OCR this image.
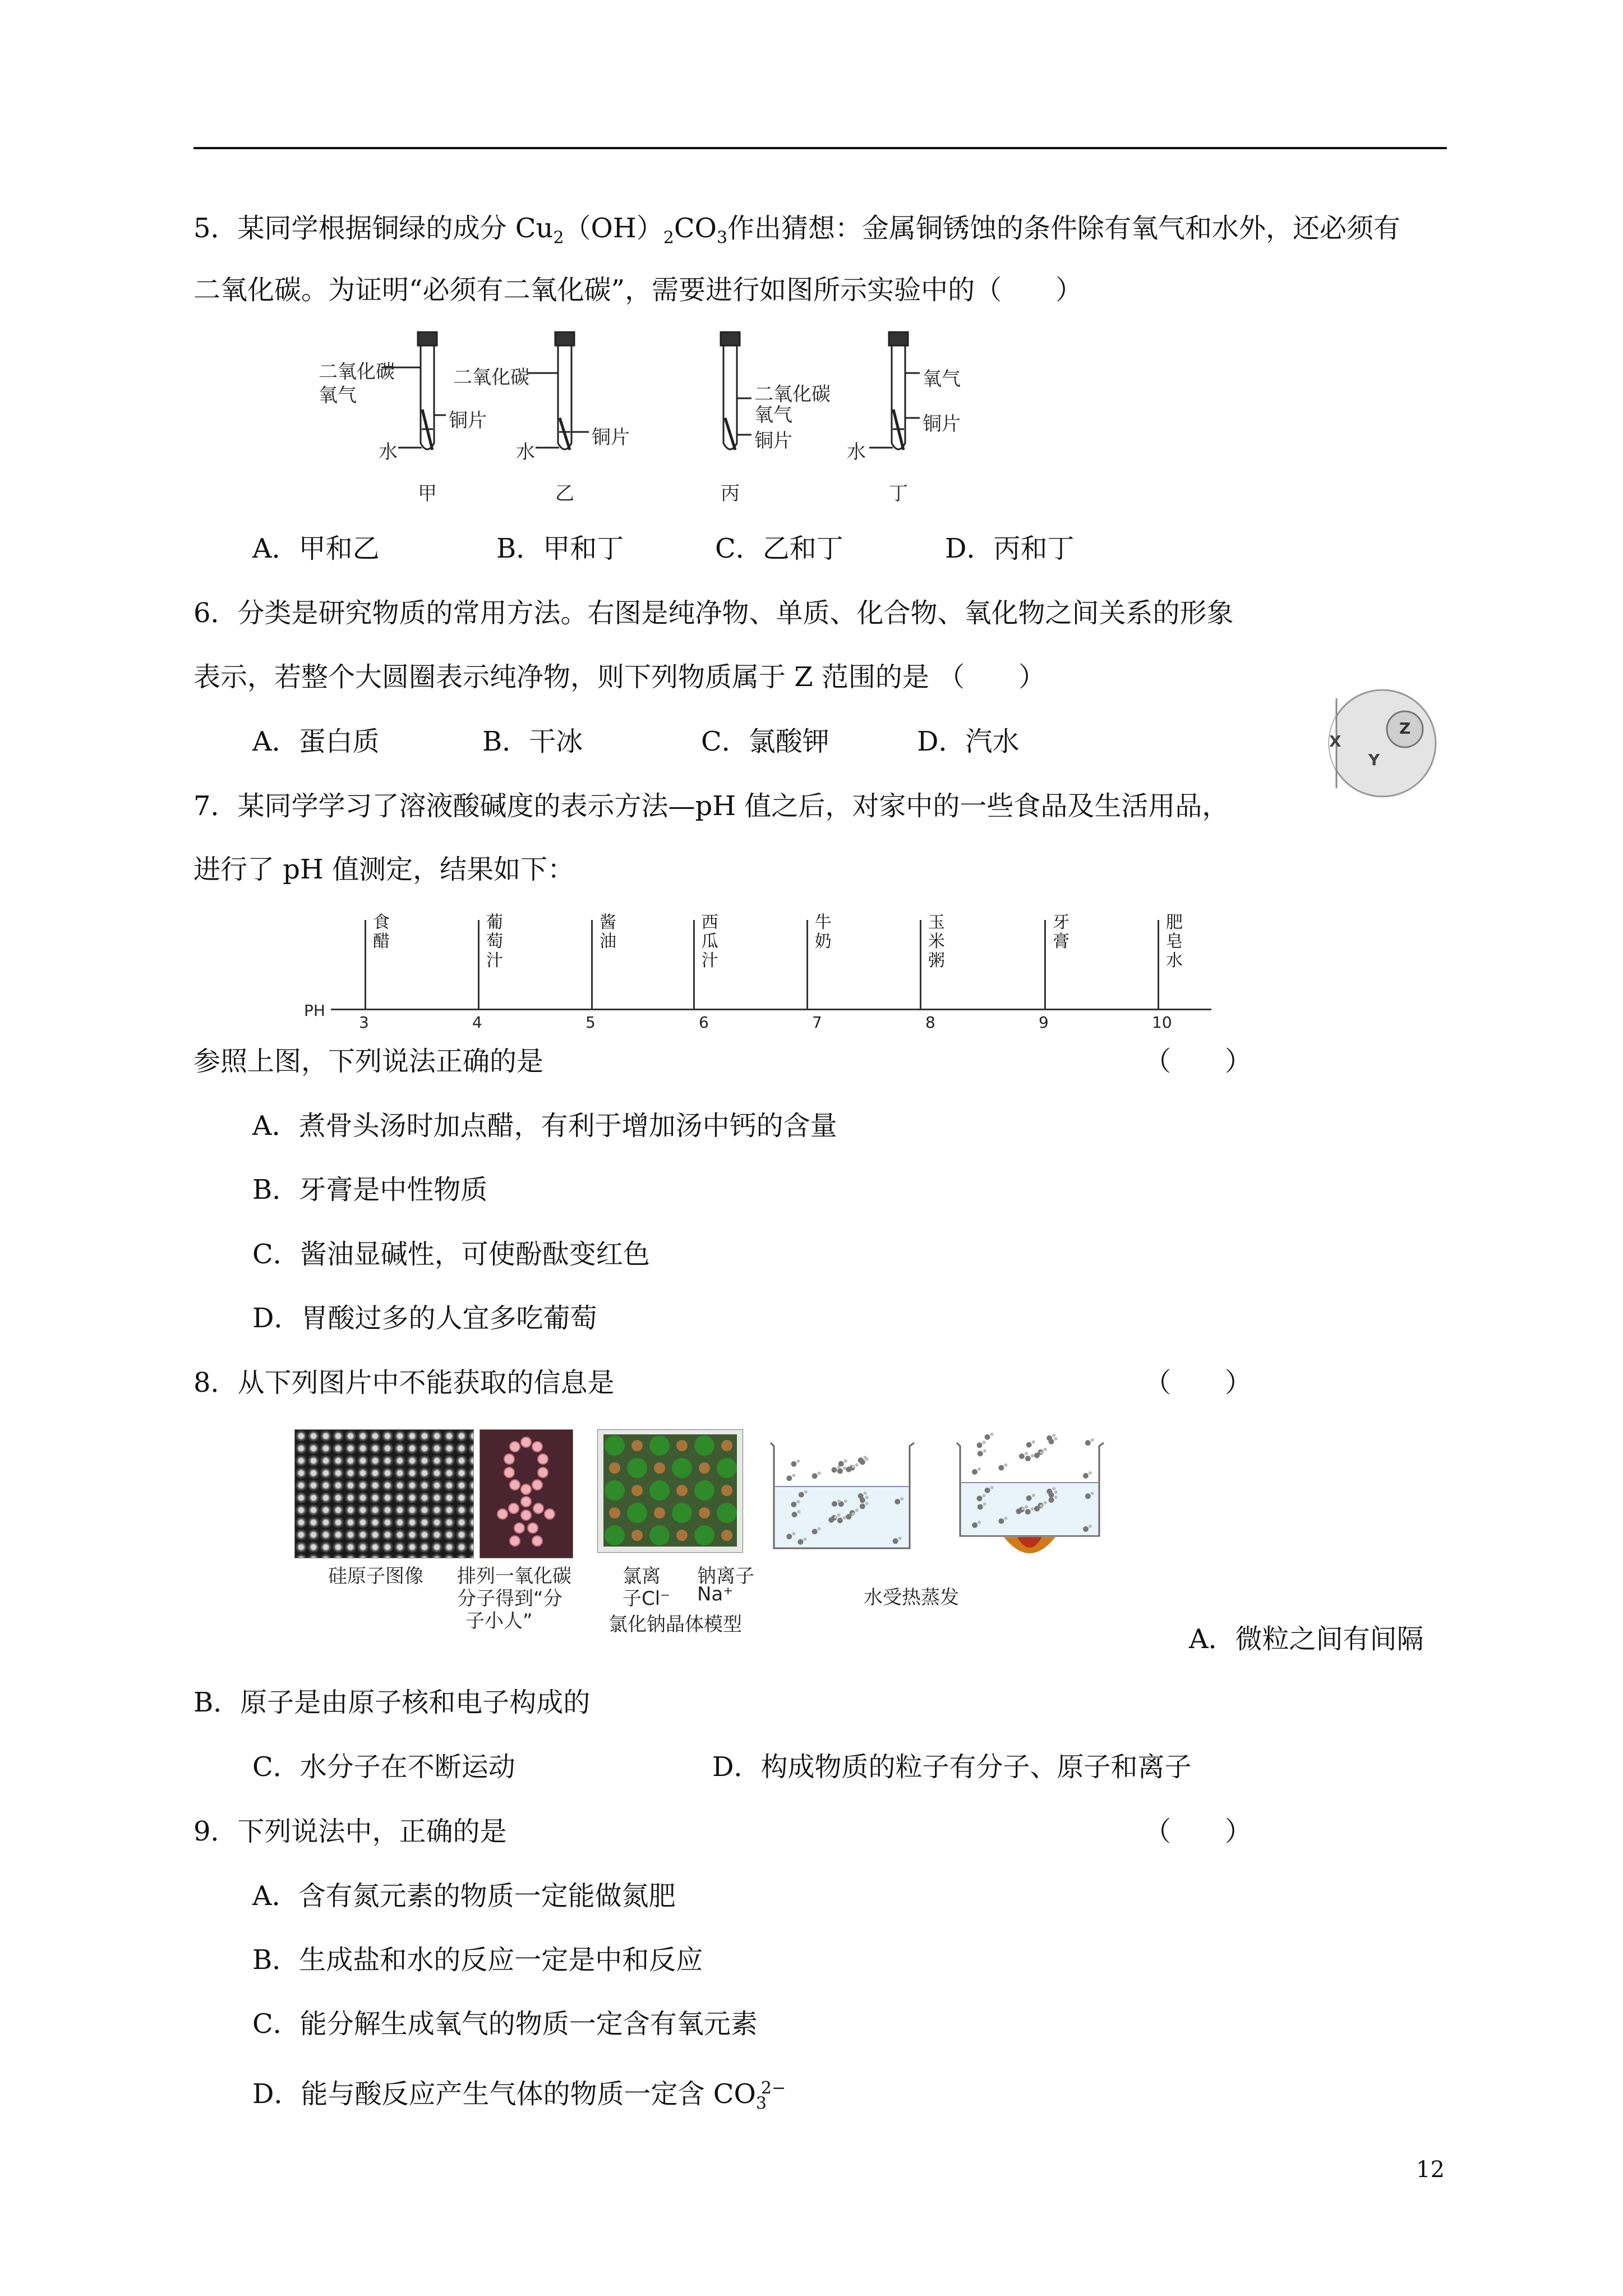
5．某同学根据铜绿的成分 $Cu_2(OH)_2CO_3$作出猜想：金属铜锈蚀的条件除有氧气和水外，还必须有
二氧化碳。为证明“必须有二氧化碳”，需要进行如图所示实验中的（　　）
二氧化碳
氧气
铜片
水
二氧化碳
铜片
水
二氧化碳
氧气
铜片
氧气
铜片
水
甲	乙	丙	丁
A．甲和乙	B．甲和丁	C．乙和丁	D．丙和丁
6．分类是研究物质的常用方法。右图是纯净物、单质、化合物、氧化物之间关系的形象
表示，若整个大圆圈表示纯净物，则下列物质属于 Z 范围的是 （　　）
A．蛋白质	B．干冰	C．氯酸钾	D．汽水	X
Y
Z
7．某同学学习了溶液酸碱度的表示方法—pH 值之后，对家中的一些食品及生活用品，
进行了 pH 值测定，结果如下：
PH
3	4	5	6	7	8	9	10
食
醋
葡
萄
汁
酱
油
西
瓜
汁
牛
奶
玉
米
粥
牙
膏
肥
皂
水
参照上图，下列说法正确的是	（　　）
A．煮骨头汤时加点醋，有利于增加汤中钙的含量
B．牙膏是中性物质
C．酱油显碱性，可使酚酞变红色
D．胃酸过多的人宜多吃葡萄
8．从下列图片中不能获取的信息是	（　　）
硅原子图像 排列一氧化碳
分子得到“分
子小人”
氯离
子Cl⁻
钠离子
Na⁺
氯化钠晶体模型
水受热蒸发
A．微粒之间有间隔
B．原子是由原子核和电子构成的
C．水分子在不断运动	D．构成物质的粒子有分子、原子和离子
9．下列说法中，正确的是	（　　）
A．含有氮元素的物质一定能做氮肥
B．生成盐和水的反应一定是中和反应
C．能分解生成氧气的物质一定含有氧元素
D．能与酸反应产生气体的物质一定含 $CO_3^{2-}$
12
